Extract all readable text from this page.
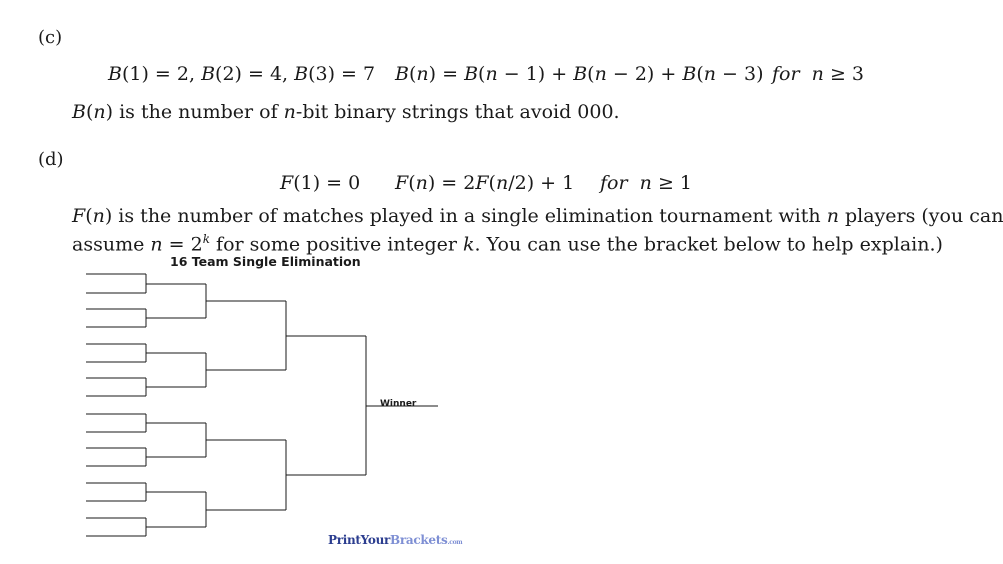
(c)
B(1) = 2, B(2) = 4, B(3) = 7 B(n) = B(n − 1) + B(n − 2) + B(n − 3) for n ≥ 3
B(n) is the number of n-bit binary strings that avoid 000.
(d)
F(1) = 0 F(n) = 2F(n/2) + 1 for n ≥ 1
F(n) is the number of matches played in a single elimination tournament with n players (you can
assume $n = 2^k$ for some positive integer k. You can use the bracket below to help explain.)
16 Team Single Elimination
Winner
PrintYourBrackets.com
